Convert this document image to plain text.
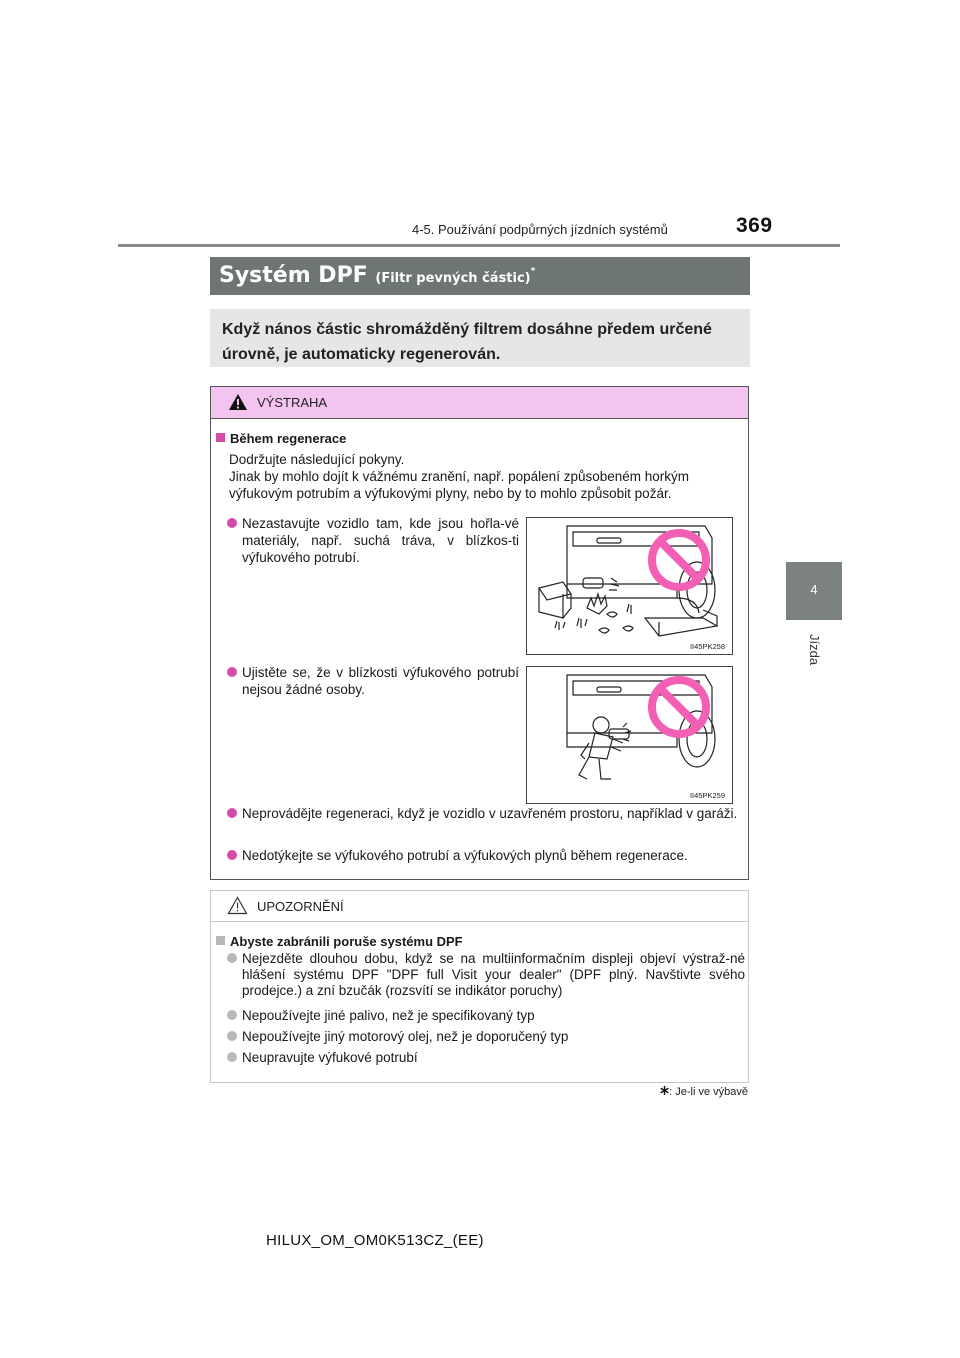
4-5. Používání podpůrných jízdních systémů	369
4
Jízda
Systém DPF (Filtr pevných částic)*
Když nános částic shromážděný filtrem dosáhne předem určené úrovně, je automaticky regenerován.
VÝSTRAHA
Během regenerace
Dodržujte následující pokyny.
Jinak by mohlo dojít k vážnému zranění, např. popálení způsobeném horkým výfukovým potrubím a výfukovými plyny, nebo by to mohlo způsobit požár.
Nezastavujte vozidlo tam, kde jsou hořla-vé materiály, např. suchá tráva, v blízkos-ti výfukového potrubí.
II45PK258
Ujistěte se, že v blízkosti výfukového potrubí nejsou žádné osoby.
II45PK259
Neprovádějte regeneraci, když je vozidlo v uzavřeném prostoru, například v garáži.
Nedotýkejte se výfukového potrubí a výfukových plynů během regenerace.
UPOZORNĚNÍ
Abyste zabránili poruše systému DPF
Nejezděte dlouhou dobu, když se na multiinformačním displeji objeví výstraž-né hlášení systému DPF "DPF full Visit your dealer" (DPF plný. Navštivte svého prodejce.) a zní bzučák (rozsvítí se indikátor poruchy)
Nepoužívejte jiné palivo, než je specifikovaný typ
Nepoužívejte jiný motorový olej, než je doporučený typ
Neupravujte výfukové potrubí
: Je-li ve výbavě
HILUX_OM_OM0K513CZ_(EE)
